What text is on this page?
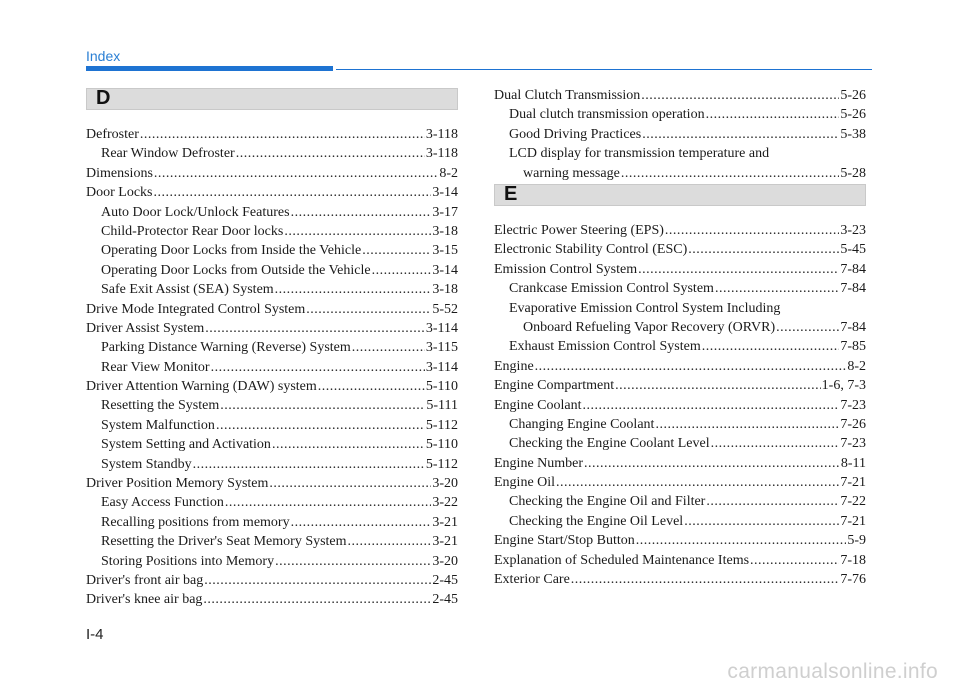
Index
D
Defroster .....	3-118
Rear Window Defroster .....	3-118
Dimensions .....	8-2
Door Locks .....	3-14
Auto Door Lock/Unlock Features .....	3-17
Child-Protector Rear Door locks .....	3-18
Operating Door Locks from Inside the Vehicle .....	3-15
Operating Door Locks from Outside the Vehicle .....	3-14
Safe Exit Assist (SEA) System .....	3-18
Drive Mode Integrated Control System .....	5-52
Driver Assist System .....	3-114
Parking Distance Warning (Reverse) System .....	3-115
Rear View Monitor .....	3-114
Driver Attention Warning (DAW) system .....	5-110
Resetting the System .....	5-111
System Malfunction .....	5-112
System Setting and Activation .....	5-110
System Standby .....	5-112
Driver Position Memory System .....	3-20
Easy Access Function .....	3-22
Recalling positions from memory .....	3-21
Resetting the Driver's Seat Memory System .....	3-21
Storing Positions into Memory .....	3-20
Driver's front air bag .....	2-45
Driver's knee air bag .....	2-45
Dual Clutch Transmission .....	5-26
Dual clutch transmission operation .....	5-26
Good Driving Practices .....	5-38
LCD display for transmission temperature and
warning message .....	5-28
E
Electric Power Steering (EPS) .....	3-23
Electronic Stability Control (ESC) .....	5-45
Emission Control System .....	7-84
Crankcase Emission Control System .....	7-84
Evaporative Emission Control System Including
Onboard Refueling Vapor Recovery (ORVR) .....	7-84
Exhaust Emission Control System .....	7-85
Engine .....	8-2
Engine Compartment .....	1-6, 7-3
Engine Coolant .....	7-23
Changing Engine Coolant .....	7-26
Checking the Engine Coolant Level .....	7-23
Engine Number .....	8-11
Engine Oil .....	7-21
Checking the Engine Oil and Filter .....	7-22
Checking the Engine Oil Level .....	7-21
Engine Start/Stop Button .....	5-9
Explanation of Scheduled Maintenance Items .....	7-18
Exterior Care .....	7-76
I-4
carmanualsonline.info
